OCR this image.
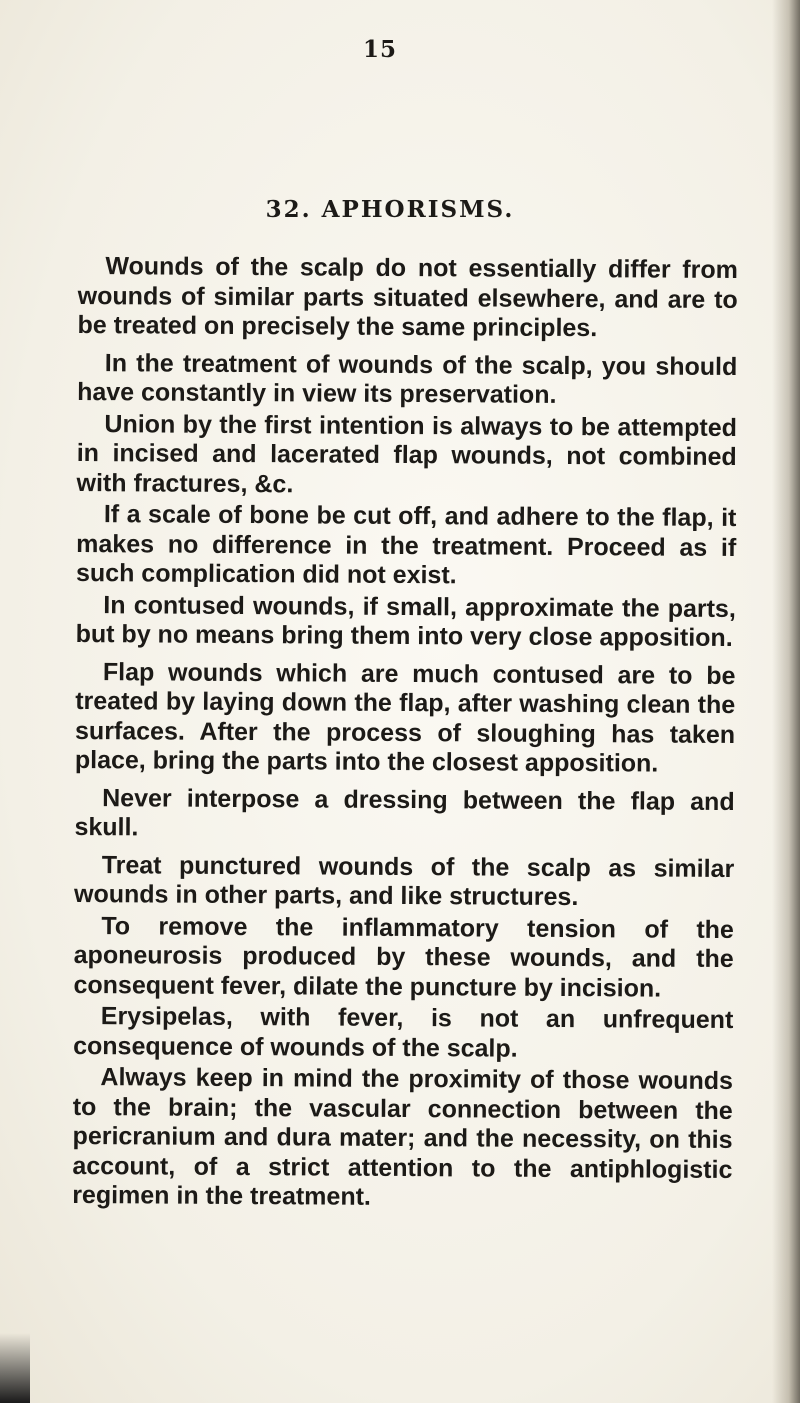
15
32. APHORISMS.

Wounds of the scalp do not essentially differ from wounds of similar parts situated elsewhere, and are to be treated on precisely the same principles.

In the treatment of wounds of the scalp, you should have constantly in view its preservation.

Union by the first intention is always to be attempted in incised and lacerated flap wounds, not combined with fractures, &c.

If a scale of bone be cut off, and adhere to the flap, it makes no difference in the treatment. Proceed as if such complication did not exist.

In contused wounds, if small, approximate the parts, but by no means bring them into very close apposition.

Flap wounds which are much contused are to be treated by laying down the flap, after washing clean the surfaces. After the process of sloughing has taken place, bring the parts into the closest apposition.

Never interpose a dressing between the flap and skull.

Treat punctured wounds of the scalp as similar wounds in other parts, and like structures.

To remove the inflammatory tension of the aponeurosis produced by these wounds, and the consequent fever, dilate the puncture by incision.

Erysipelas, with fever, is not an unfrequent consequence of wounds of the scalp.

Always keep in mind the proximity of those wounds to the brain; the vascular connection between the pericranium and dura mater; and the necessity, on this account, of a strict attention to the antiphlogistic regimen in the treatment.
